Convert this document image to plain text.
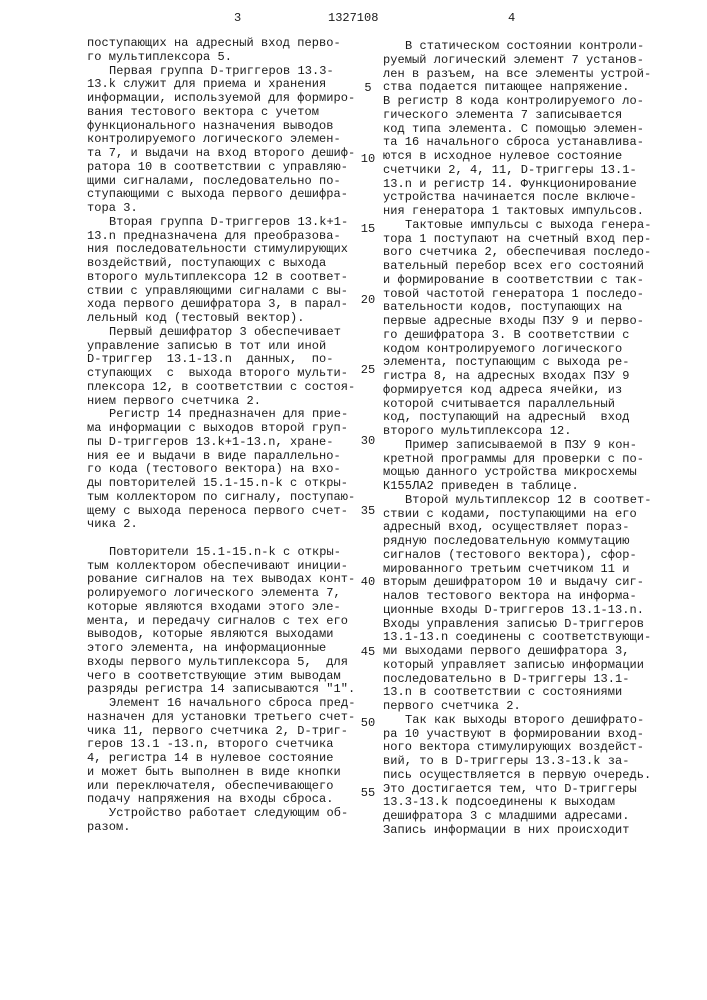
3	1327108	4
поступающих на адресный вход перво-
го мультиплексора 5.
Первая группа D-триггеров 13.3-
13.k служит для приема и хранения
информации, используемой для формиро-
вания тестового вектора с учетом
функционального назначения выводов
контролируемого логического элемен-
та 7, и выдачи на вход второго дешиф-
ратора 10 в соответствии с управляю-
щими сигналами, последовательно по-
ступающими с выхода первого дешифра-
тора 3.
Вторая группа D-триггеров 13.k+1-
13.n предназначена для преобразова-
ния последовательности стимулирующих
воздействий, поступающих с выхода
второго мультиплексора 12 в соответ-
ствии с управляющими сигналами с вы-
хода первого дешифратора 3, в парал-
лельный код (тестовый вектор).
Первый дешифратор 3 обеспечивает
управление записью в тот или иной
D-триггер  13.1-13.n  данных,  по-
ступающих  с  выхода второго мульти-
плексора 12, в соответствии с состоя-
нием первого счетчика 2.
Регистр 14 предназначен для прие-
ма информации с выходов второй груп-
пы D-триггеров 13.k+1-13.n, хране-
ния ее и выдачи в виде параллельно-
го кода (тестового вектора) на вхо-
ды повторителей 15.1-15.n-k с откры-
тым коллектором по сигналу, поступаю-
щему с выхода переноса первого счет-
чика 2.
Повторители 15.1-15.n-k с откры-
тым коллектором обеспечивают иниции-
рование сигналов на тех выводах конт-
ролируемого логического элемента 7,
которые являются входами этого эле-
мента, и передачу сигналов с тех его
выводов, которые являются выходами
этого элемента, на информационные
входы первого мультиплексора 5,  для
чего в соответствующие этим выводам
разряды регистра 14 записываются "1".
Элемент 16 начального сброса пред-
назначен для установки третьего счет-
чика 11, первого счетчика 2, D-триг-
геров 13.1 -13.n, второго счетчика
4, регистра 14 в нулевое состояние
и может быть выполнен в виде кнопки
или переключателя, обеспечивающего
подачу напряжения на входы сброса.
Устройство работает следующим об-
разом.
В статическом состоянии контроли-
руемый логический элемент 7 установ-
лен в разъем, на все элементы устрой-
ства подается питающее напряжение.
В регистр 8 кода контролируемого ло-
гического элемента 7 записывается
код типа элемента. С помощью элемен-
та 16 начального сброса устанавлива-
ются в исходное нулевое состояние
счетчики 2, 4, 11, D-триггеры 13.1-
13.n и регистр 14. Функционирование
устройства начинается после включе-
ния генератора 1 тактовых импульсов.
Тактовые импульсы с выхода генера-
тора 1 поступают на счетный вход пер-
вого счетчика 2, обеспечивая последо-
вательный перебор всех его состояний
и формирование в соответствии с так-
товой частотой генератора 1 последо-
вательности кодов, поступающих на
первые адресные входы ПЗУ 9 и перво-
го дешифратора 3. В соответствии с
кодом контролируемого логического
элемента, поступающим с выхода ре-
гистра 8, на адресных входах ПЗУ 9
формируется код адреса ячейки, из
которой считывается параллельный
код, поступающий на адресный  вход
второго мультиплексора 12.
Пример записываемой в ПЗУ 9 кон-
кретной программы для проверки с по-
мощью данного устройства микросхемы
К155ЛА2 приведен в таблице.
Второй мультиплексор 12 в соответ-
ствии с кодами, поступающими на его
адресный вход, осуществляет пораз-
рядную последовательную коммутацию
сигналов (тестового вектора), сфор-
мированного третьим счетчиком 11 и
вторым дешифратором 10 и выдачу сиг-
налов тестового вектора на информа-
ционные входы D-триггеров 13.1-13.n.
Входы управления записью D-триггеров
13.1-13.n соединены с соответствующи-
ми выходами первого дешифратора 3,
который управляет записью информации
последовательно в D-триггеры 13.1-
13.n в соответствии с состояниями
первого счетчика 2.
Так как выходы второго дешифрато-
ра 10 участвуют в формировании вход-
ного вектора стимулирующих воздейст-
вий, то в D-триггеры 13.3-13.k за-
пись осуществляется в первую очередь.
Это достигается тем, что D-триггеры
13.3-13.k подсоединены к выходам
дешифратора 3 с младшими адресами.
Запись информации в них происходит
5
10
15
20
25
30
35
40
45
50
55
